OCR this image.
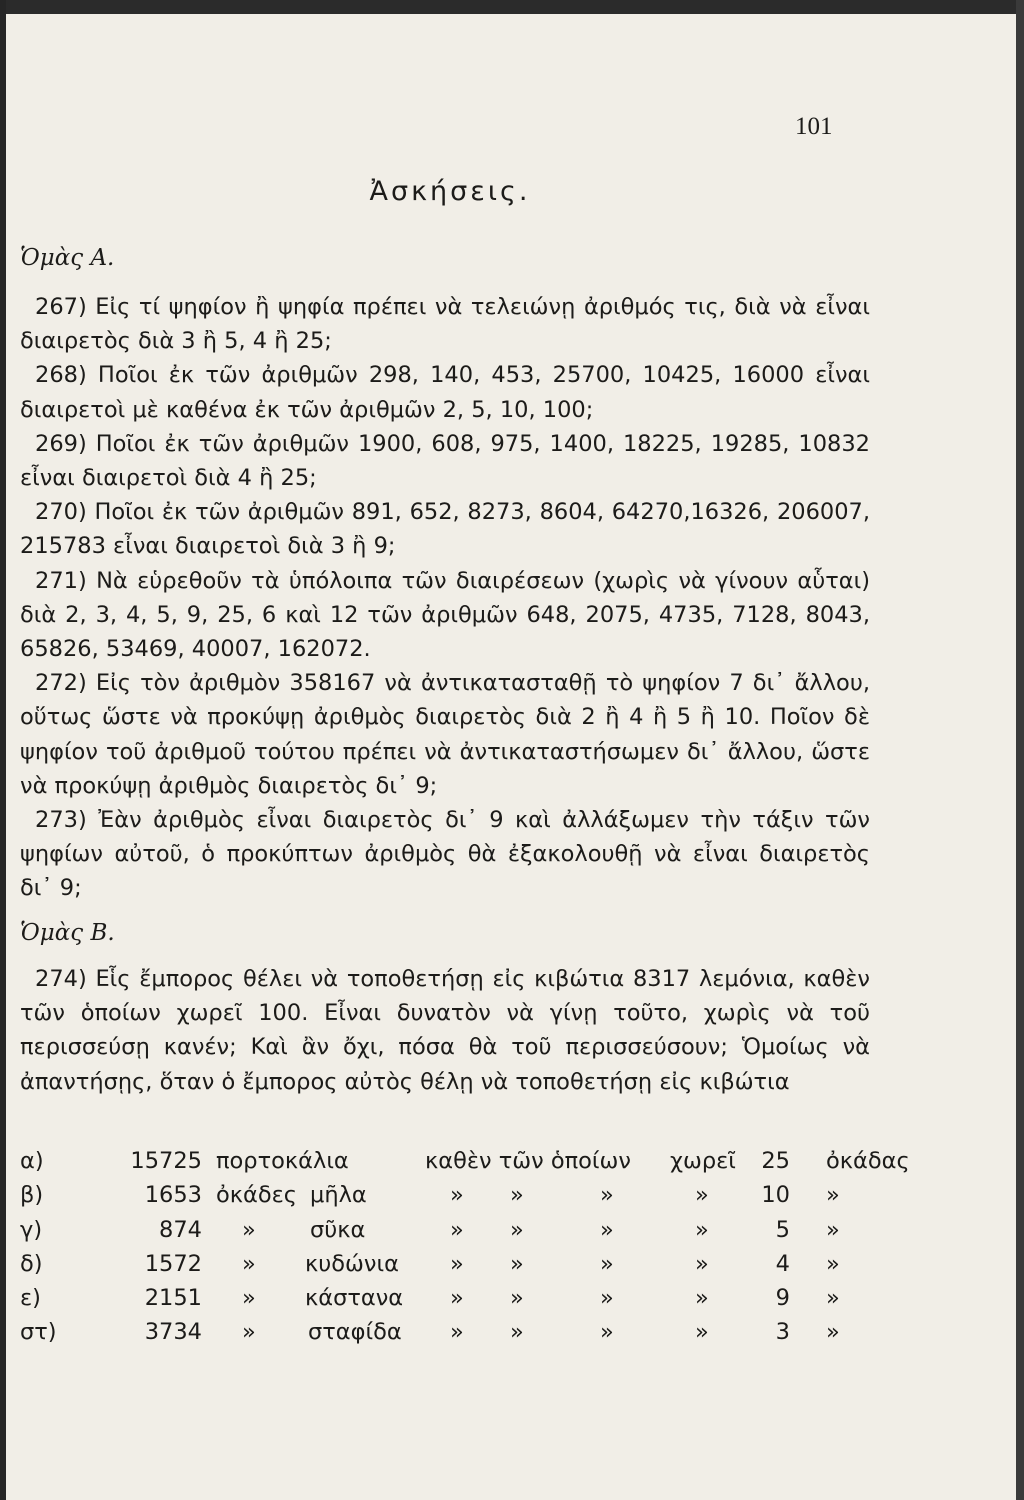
101
Ἀσκήσεις.
Ὁμὰς Α.

267) Εἰς τί ψηφίον ἢ ψηφία πρέπει νὰ τελειώνῃ ἀριθμός τις, διὰ νὰ εἶναι διαιρετὸς διὰ 3 ἢ 5, 4 ἢ 25;

268) Ποῖοι ἐκ τῶν ἀριθμῶν 298, 140, 453, 25700, 10425, 16000 εἶναι διαιρετοὶ μὲ καθένα ἐκ τῶν ἀριθμῶν 2, 5, 10, 100;

269) Ποῖοι ἐκ τῶν ἀριθμῶν 1900, 608, 975, 1400, 18225, 19285, 10832 εἶναι διαιρετοὶ διὰ 4 ἢ 25;

270) Ποῖοι ἐκ τῶν ἀριθμῶν 891, 652, 8273, 8604, 64270,16326, 206007, 215783 εἶναι διαιρετοὶ διὰ 3 ἢ 9;

271) Νὰ εὑρεθοῦν τὰ ὑπόλοιπα τῶν διαιρέσεων (χωρὶς νὰ γίνουν αὗται) διὰ 2, 3, 4, 5, 9, 25, 6 καὶ 12 τῶν ἀριθμῶν 648, 2075, 4735, 7128, 8043, 65826, 53469, 40007, 162072.

272) Εἰς τὸν ἀριθμὸν 358167 νὰ ἀντικατασταθῇ τὸ ψηφίον 7 δι᾽ ἄλλου, οὕτως ὥστε νὰ προκύψῃ ἀριθμὸς διαιρετὸς διὰ 2 ἢ 4 ἢ 5 ἢ 10. Ποῖον δὲ ψηφίον τοῦ ἀριθμοῦ τούτου πρέπει νὰ ἀντικαταστήσωμεν δι᾽ ἄλλου, ὥστε νὰ προκύψῃ ἀριθμὸς διαιρετὸς δι᾽ 9;

273) Ἐὰν ἀριθμὸς εἶναι διαιρετὸς δι᾽ 9 καὶ ἀλλάξωμεν τὴν τάξιν τῶν ψηφίων αὐτοῦ, ὁ προκύπτων ἀριθμὸς θὰ ἐξακολουθῇ νὰ εἶναι διαιρετὸς δι᾽ 9;

Ὁμὰς Β.

274) Εἷς ἔμπορος θέλει νὰ τοποθετήσῃ εἰς κιβώτια 8317 λεμόνια, καθὲν τῶν ὁποίων χωρεῖ 100. Εἶναι δυνατὸν νὰ γίνῃ τοῦτο, χωρὶς νὰ τοῦ περισσεύσῃ κανέν; Καὶ ἂν ὄχι, πόσα θὰ τοῦ περισσεύσουν; Ὁμοίως νὰ ἀπαντήσῃς, ὅταν ὁ ἔμπορος αὐτὸς θέλῃ νὰ τοποθετήσῃ εἰς κιβώτια

α)	15725 πορτοκάλια	καθὲν τῶν ὁποίων χωρεῖ 25 ὀκάδας
β)	1653 ὀκάδες μῆλα	» »	»	» 10 »
γ)	874 » σῦκα	» »	»	»	5 »
δ)	1572 » κυδώνια » »	»	»	4 »
ε)	2151 » κάστανα » »	»	»	9 »
στ)	3734 » σταφίδα » »	»	»	3 »
